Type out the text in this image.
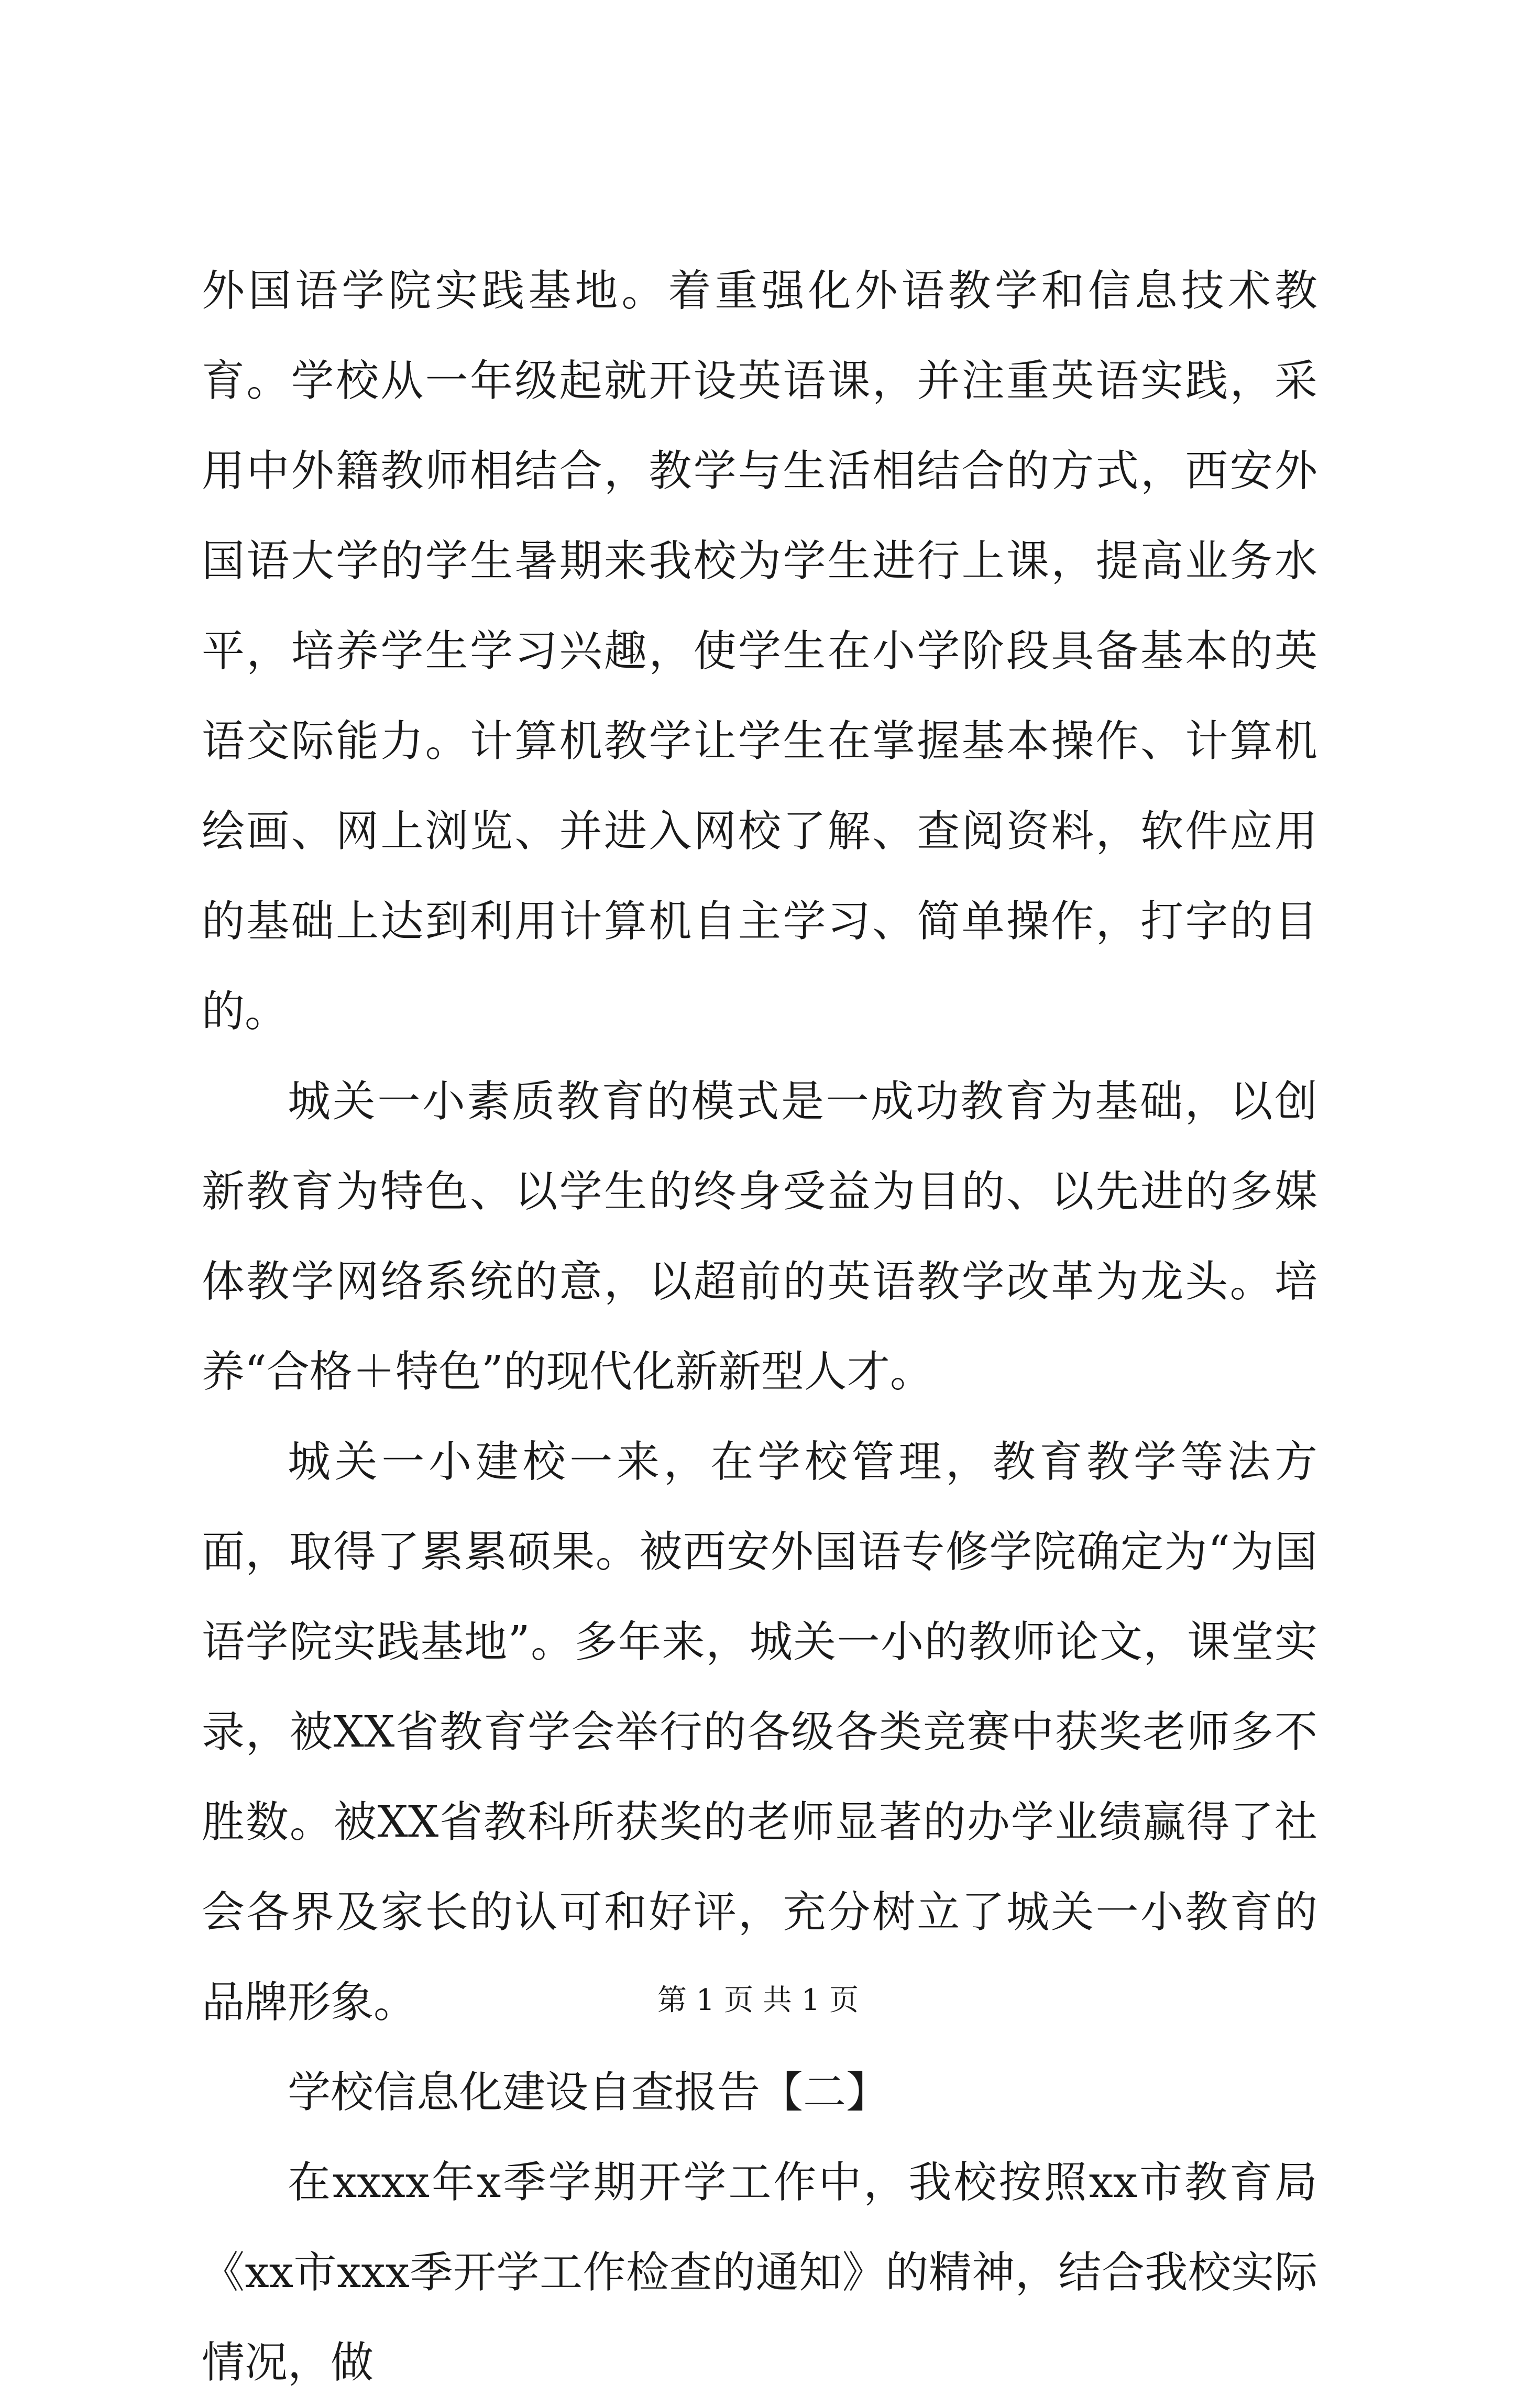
外国语学院实践基地。着重强化外语教学和信息技术教育。学校从一年级起就开设英语课，并注重英语实践，采用中外籍教师相结合，教学与生活相结合的方式，西安外国语大学的学生暑期来我校为学生进行上课，提高业务水平，培养学生学习兴趣，使学生在小学阶段具备基本的英语交际能力。计算机教学让学生在掌握基本操作、计算机绘画、网上浏览、并进入网校了解、查阅资料，软件应用的基础上达到利用计算机自主学习、简单操作，打字的目的。

城关一小素质教育的模式是一成功教育为基础，以创新教育为特色、以学生的终身受益为目的、以先进的多媒体教学网络系统的意，以超前的英语教学改革为龙头。培养“合格＋特色”的现代化新新型人才。

城关一小建校一来，在学校管理，教育教学等法方面，取得了累累硕果。被西安外国语专修学院确定为“为国语学院实践基地”。多年来，城关一小的教师论文，课堂实录，被XX省教育学会举行的各级各类竞赛中获奖老师多不胜数。被XX省教科所获奖的老师显著的办学业绩赢得了社会各界及家长的认可和好评，充分树立了城关一小教育的品牌形象。

学校信息化建设自查报告【二】

在xxxx年x季学期开学工作中，我校按照xx市教育局《xx市xxx季开学工作检查的通知》的精神，结合我校实际情况，做

第 1 页 共 1 页
